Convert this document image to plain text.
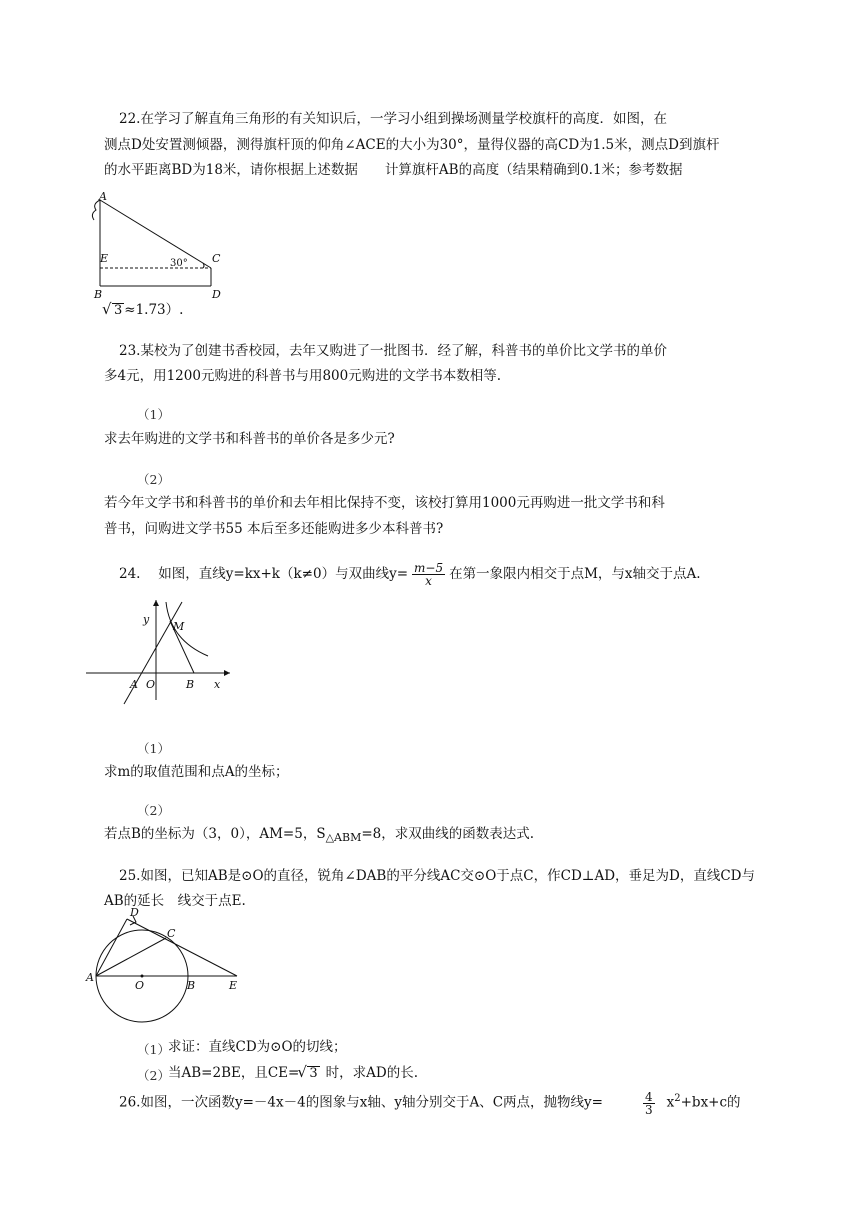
22.在学习了解直角三角形的有关知识后，一学习小组到操场测量学校旗杆的高度．如图，在
测点D处安置测倾器，测得旗杆顶的仰角∠ACE的大小为30°，量得仪器的高CD为1.5米，测点D到旗杆
的水平距离BD为18米，请你根据上述数据　　计算旗杆AB的高度（结果精确到0.1米；参考数据
A
E	C
B	D
30°
√ 3 ≈1.73）.
23.某校为了创建书香校园，去年又购进了一批图书．经了解，科普书的单价比文学书的单价
多4元，用1200元购进的科普书与用800元购进的文学书本数相等.
（1）
求去年购进的文学书和科普书的单价各是多少元?
（2）
若今年文学书和科普书的单价和去年相比保持不变，该校打算用1000元再购进一批文学书和科
普书，问购进文学书55 本后至多还能购进多少本科普书?
24.　 如图，直线y=kx+k（k≠0）与双曲线$y= \frac{m-5}{x}$ 在第一象限内相交于点M，与x轴交于点A.
y
M
A O	B x
（1）
求m的取值范围和点A的坐标；
（2）
若点B的坐标为（3，0），AM=5，$S_{\triangle ABM}=8$，求双曲线的函数表达式.
25.如图，已知AB是⊙O的直径，锐角∠DAB的平分线AC交⊙O于点C，作CD⊥AD，垂足为D，直线CD与
AB的延长　线交于点E.
D
C
A
O	B	E
（1）
求证：直线CD为⊙O的切线；
（2）
当AB=2BE，且CE=√ 3 时，求AD的长.
26.如图，一次函数y=－4x－4的图象与x轴、y轴分别交于A、C两点，抛物线y=	$\frac{4}{3} x^2+bx+c$的
